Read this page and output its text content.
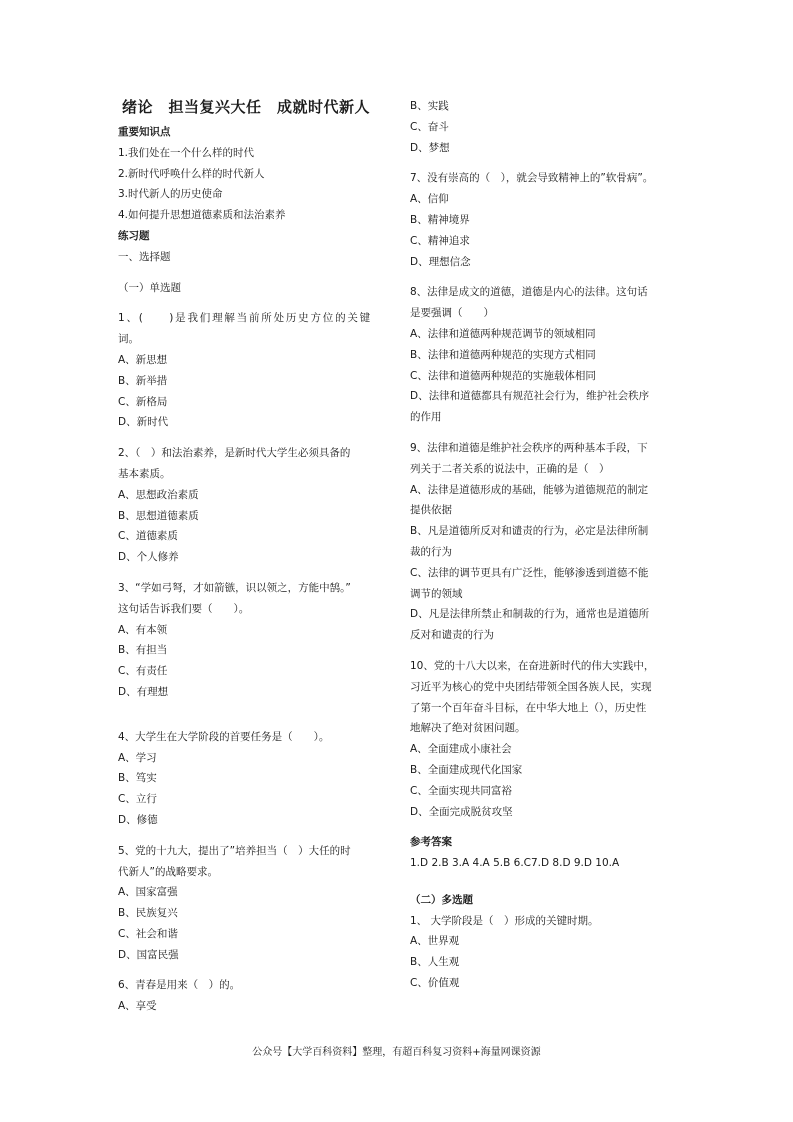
绪论　担当复兴大任　成就时代新人
重要知识点
1.我们处在一个什么样的时代
2.新时代呼唤什么样的时代新人
3.时代新人的历史使命
4.如何提升思想道德素质和法治素养
练习题
一、选择题
（一）单选题
1、(　　)是我们理解当前所处历史方位的关键
词。
A、新思想
B、新举措
C、新格局
D、新时代
2、（　）和法治素养，是新时代大学生必须具备的
基本素质。
A、思想政治素质
B、思想道德素质
C、道德素质
D、个人修养
3、“学如弓弩，才如箭镞，识以领之，方能中鹄。”
这句话告诉我们要（　　）。
A、有本领
B、有担当
C、有责任
D、有理想
4、大学生在大学阶段的首要任务是（　　）。
A、学习
B、笃实
C、立行
D、修德
5、党的十九大，提出了”培养担当（　）大任的时
代新人”的战略要求。
A、国家富强
B、民族复兴
C、社会和谐
D、国富民强
6、青春是用来（　）的。
A、享受
B、实践
C、奋斗
D、梦想
7、没有崇高的（　），就会导致精神上的”软骨病”。
A、信仰
B、精神境界
C、精神追求
D、理想信念
8、法律是成文的道德，道德是内心的法律。这句话
是要强调（　　）
A、法律和道德两种规范调节的领域相同
B、法律和道德两种规范的实现方式相同
C、法律和道德两种规范的实施载体相同
D、法律和道德都具有规范社会行为，维护社会秩序
的作用
9、法律和道德是维护社会秩序的两种基本手段，下
列关于二者关系的说法中，正确的是（　）
A、法律是道德形成的基础，能够为道德规范的制定
提供依据
B、凡是道德所反对和谴责的行为，必定是法律所制
裁的行为
C、法律的调节更具有广泛性，能够渗透到道德不能
调节的领域
D、凡是法律所禁止和制裁的行为，通常也是道德所
反对和谴责的行为
10、党的十八大以来，在奋进新时代的伟大实践中，
习近平为核心的党中央团结带领全国各族人民，实现
了第一个百年奋斗目标，在中华大地上（），历史性
地解决了绝对贫困问题。
A、全面建成小康社会
B、全面建成现代化国家
C、全面实现共同富裕
D、全面完成脱贫攻坚
参考答案
1.D 2.B 3.A 4.A 5.B 6.C7.D 8.D 9.D 10.A
（二）多选题
1、 大学阶段是（　）形成的关键时期。
A、世界观
B、人生观
C、价值观
公众号【大学百科资料】整理，有超百科复习资料+海量网课资源
